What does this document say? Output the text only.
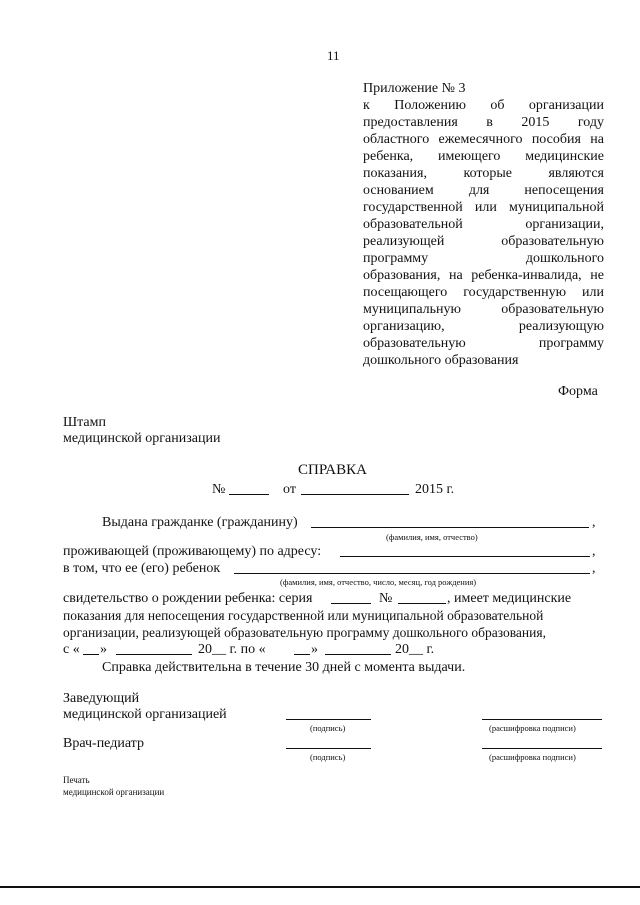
11
Приложение № 3
к Положению об организации
предоставления в 2015 году
областного ежемесячного пособия на
ребенка, имеющего медицинские
показания, которые являются
основанием для непосещения
государственной или муниципальной
образовательной организации,
реализующей образовательную
программу дошкольного
образования, на ребенка-инвалида, не
посещающего государственную или
муниципальную образовательную
организацию, реализующую
образовательную программу
дошкольного образования
Форма
Штамп
медицинской организации
СПРАВКА
№	от	2015 г.
Выдана гражданке (гражданину)	,
(фамилия, имя, отчество)
проживающей (проживающему) по адресу:	,
в том, что ее (его) ребенок	,
(фамилия, имя, отчество, число, месяц, год рождения)
свидетельство о рождении ребенка: серия	№	, имеет медицинские
показания для непосещения государственной или муниципальной образовательной
организации, реализующей образовательную программу дошкольного образования,
с « »	20__ г. по «	»	20__ г.
Справка действительна в течение 30 дней с момента выдачи.
Заведующий
медицинской организацией
(подпись)	(расшифровка подписи)
Врач-педиатр
(подпись)	(расшифровка подписи)
Печать
медицинской организации
